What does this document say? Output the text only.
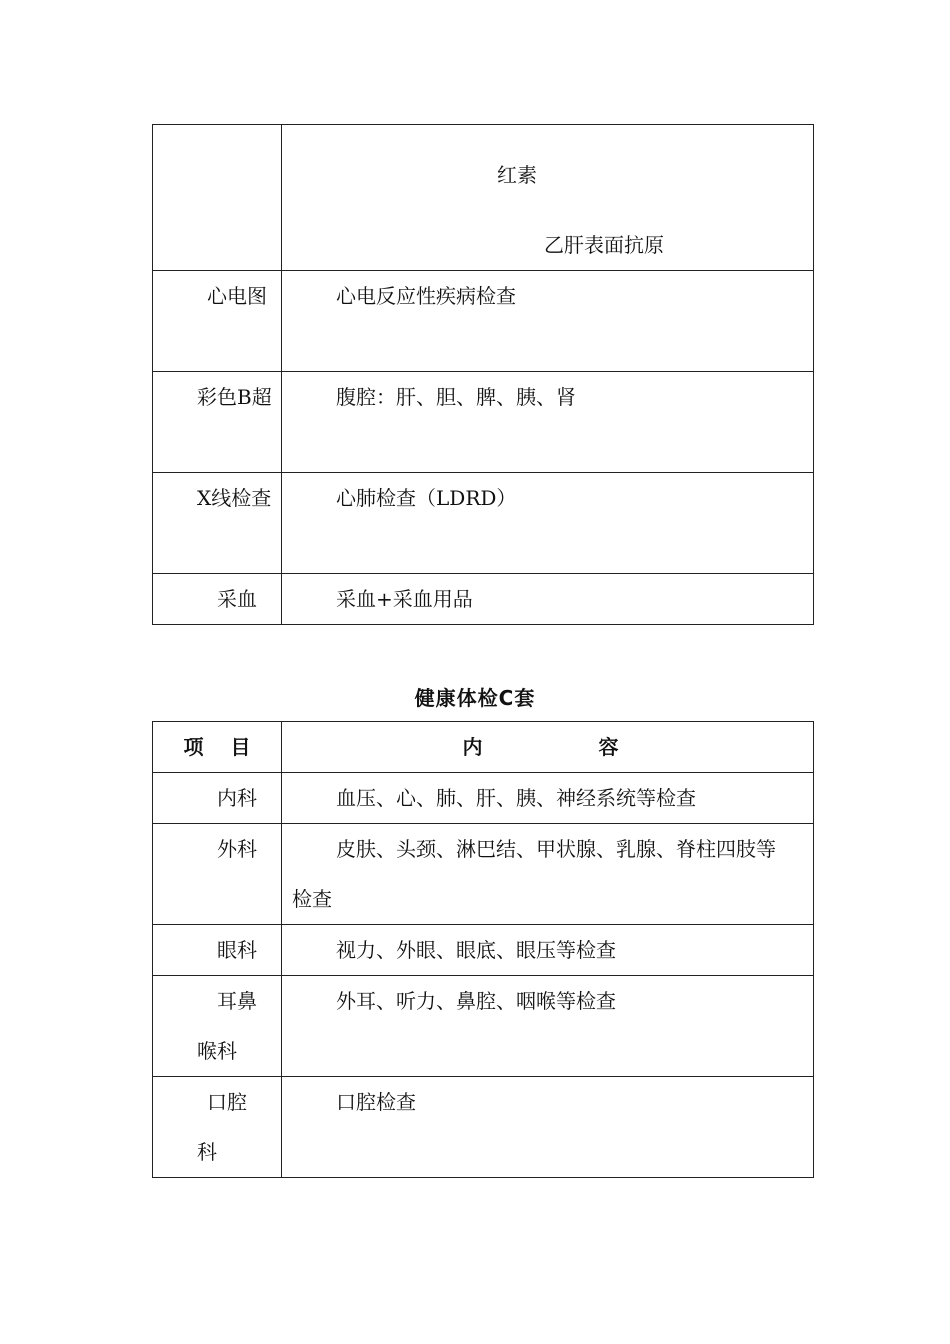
	红素
乙肝表面抗原

心电图	心电反应性疾病检查

彩色B超	腹腔：肝、胆、脾、胰、肾

X线检查	心肺检查（LDRD）

采血	采血+采血用品
健康体检C套
项 目	内　　　容

内科	血压、心、肺、肝、胰、神经系统等检查

外科	皮肤、头颈、淋巴结、甲状腺、乳腺、脊柱四肢等检查

眼科	视力、外眼、眼底、眼压等检查

耳鼻喉科	外耳、听力、鼻腔、咽喉等检查

口腔科	口腔检查
